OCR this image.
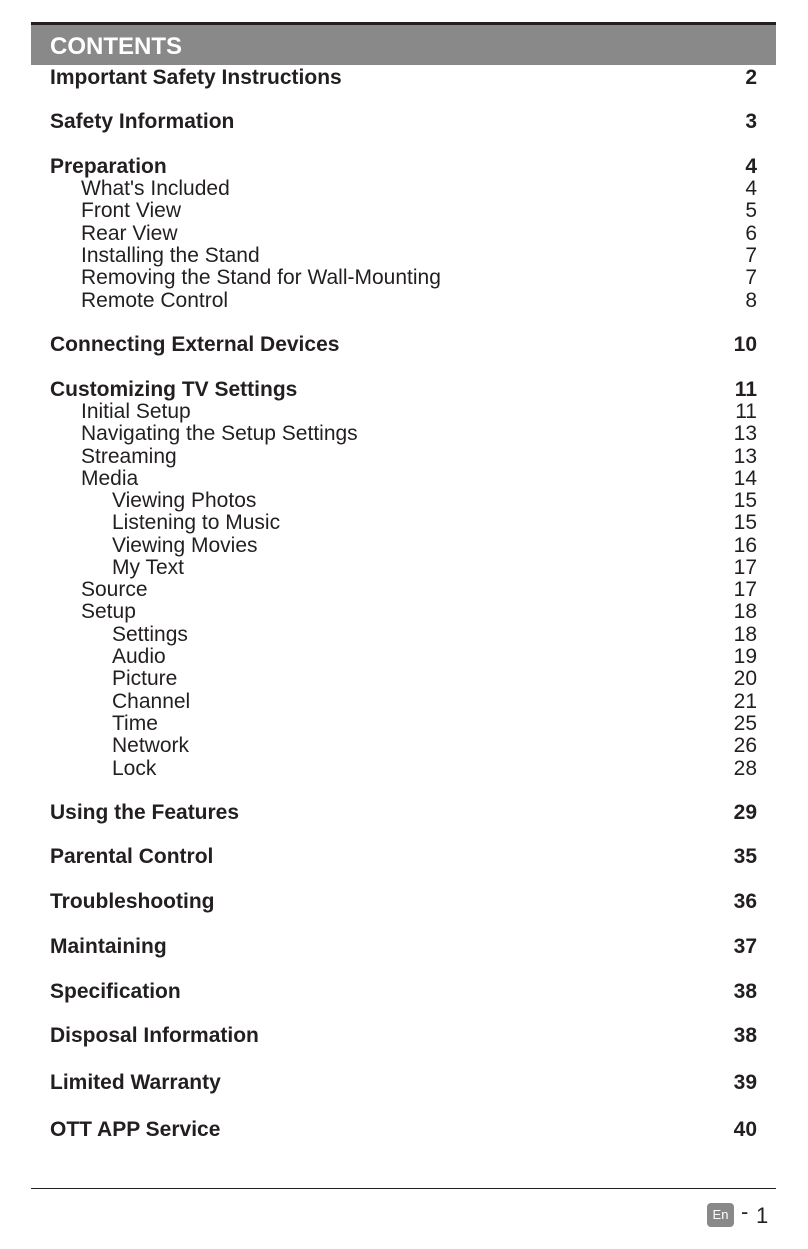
CONTENTS
Important Safety Instructions	2
Safety Information	3
Preparation	4
What's Included	4
Front View	5
Rear View	6
Installing the Stand	7
Removing the Stand for Wall-Mounting	7
Remote Control	8
Connecting External Devices	10
Customizing TV Settings	11
Initial Setup	11
Navigating the Setup Settings	13
Streaming	13
Media	14
Viewing Photos	15
Listening to Music	15
Viewing Movies	16
My Text	17
Source	17
Setup	18
Settings	18
Audio	19
Picture	20
Channel	21
Time	25
Network	26
Lock	28
Using the Features	29
Parental Control	35
Troubleshooting	36
Maintaining	37
Specification	38
Disposal Information	38
Limited Warranty	39
OTT APP Service	40
En - 1
